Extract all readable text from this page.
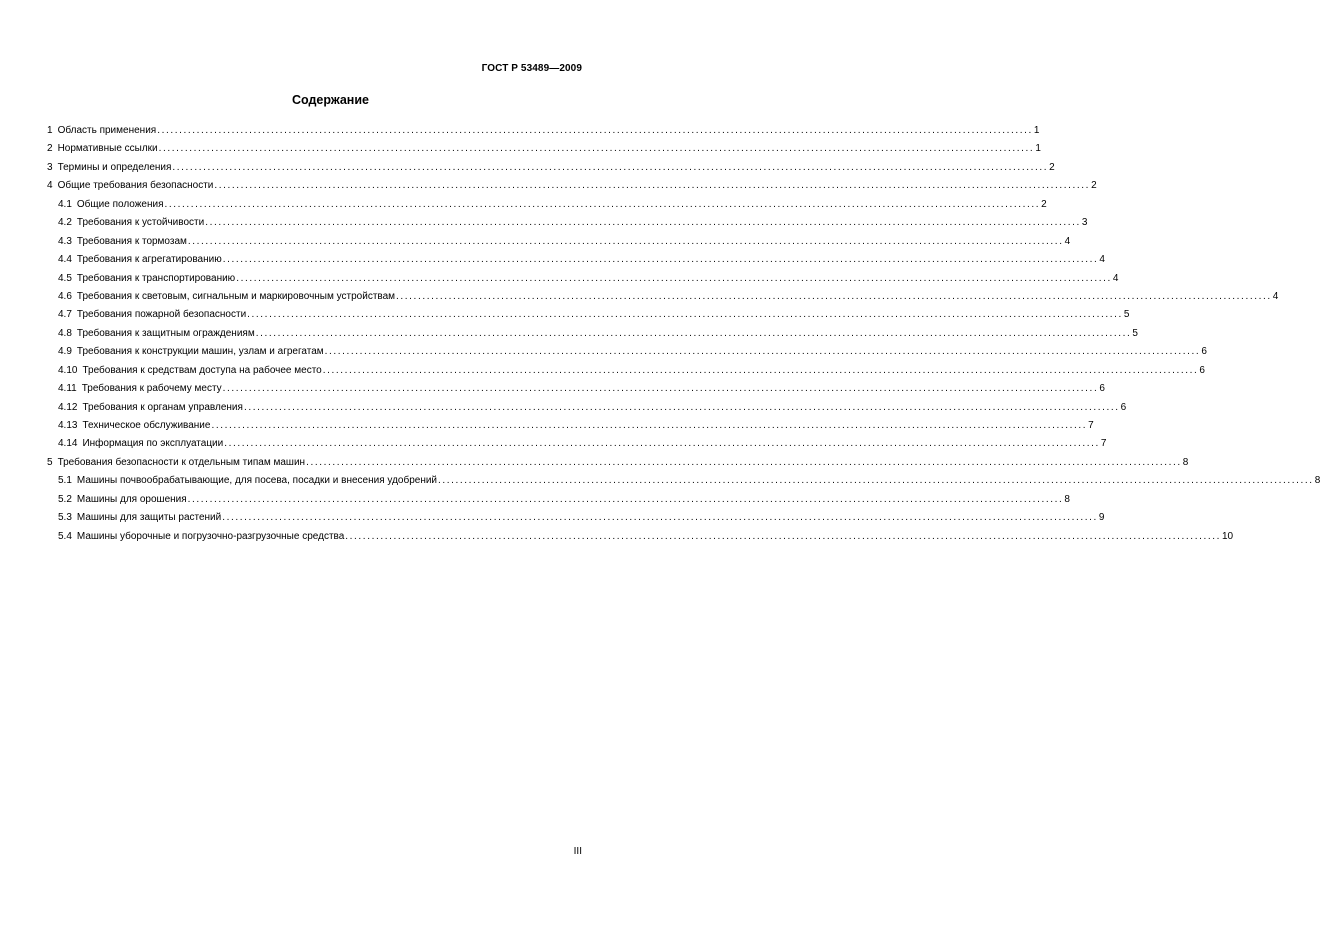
ГОСТ Р 53489—2009
Содержание
1 Область применения ........................................................................................................................................................................................................ 1
2 Нормативные ссылки ........................................................................................................................................................................................................ 1
3 Термины и определения ........................................................................................................................................................................................................ 2
4 Общие требования безопасности ........................................................................................................................................................................................................ 2
4.1 Общие положения ........................................................................................................................................................................................................ 2
4.2 Требования к устойчивости ........................................................................................................................................................................................................ 3
4.3 Требования к тормозам ........................................................................................................................................................................................................ 4
4.4 Требования к агрегатированию ........................................................................................................................................................................................................ 4
4.5 Требования к транспортированию ........................................................................................................................................................................................................ 4
4.6 Требования к световым, сигнальным и маркировочным устройствам ........................................................................................................................................................................................................ 4
4.7 Требования пожарной безопасности ........................................................................................................................................................................................................ 5
4.8 Требования к защитным ограждениям ........................................................................................................................................................................................................ 5
4.9 Требования к конструкции машин, узлам и агрегатам ........................................................................................................................................................................................................ 6
4.10 Требования к средствам доступа на рабочее место ........................................................................................................................................................................................................ 6
4.11 Требования к рабочему месту ........................................................................................................................................................................................................ 6
4.12 Требования к органам управления ........................................................................................................................................................................................................ 6
4.13 Техническое обслуживание ........................................................................................................................................................................................................ 7
4.14 Информация по эксплуатации ........................................................................................................................................................................................................ 7
5 Требования безопасности к отдельным типам машин ........................................................................................................................................................................................................ 8
5.1 Машины почвообрабатывающие, для посева, посадки и внесения удобрений ........................................................................................................................................................................................................ 8
5.2 Машины для орошения ........................................................................................................................................................................................................ 8
5.3 Машины для защиты растений ........................................................................................................................................................................................................ 9
5.4 Машины уборочные и погрузочно-разгрузочные средства ........................................................................................................................................................................................................ 10
III
